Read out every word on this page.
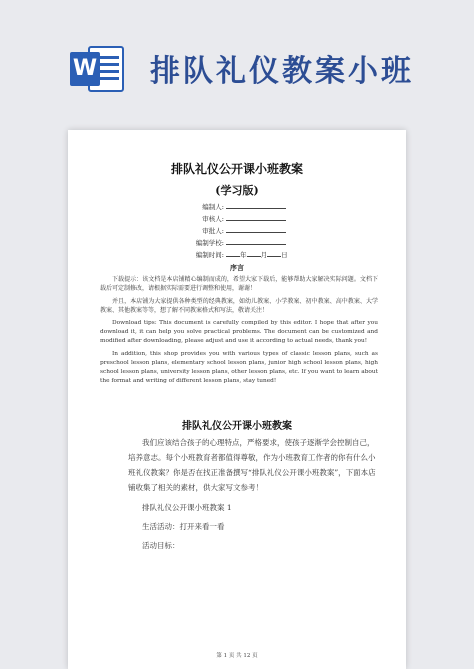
W 排队礼仪教案小班
排队礼仪公开课小班教案
(学习版)
编制人:
审核人:
审批人:
编制学校:
编制时间: 年 月 日
序言

下载提示：该文档是本店铺精心编制而成的，希望大家下载后，能够帮助大家解决实际问题。文档下载后可定制修改，请根据实际需要进行调整和使用，谢谢！

并且，本店铺为大家提供各种类型的经典教案，如幼儿教案、小学教案、初中教案、高中教案、大学教案、其他教案等等，想了解不同教案格式和写法，敬请关注！

Download tips: This document is carefully compiled by this editor. I hope that after you download it, it can help you solve practical problems. The document can be customized and modified after downloading, please adjust and use it according to actual needs, thank you!

In addition, this shop provides you with various types of classic lesson plans, such as preschool lesson plans, elementary school lesson plans, junior high school lesson plans, high school lesson plans, university lesson plans, other lesson plans, etc. If you want to learn about the format and writing of different lesson plans, stay tuned!

排队礼仪公开课小班教案

我们应该结合孩子的心理特点，严格要求，使孩子逐渐学会控制自己，培养意志。每个小班教育者都值得尊敬，作为小班教育工作者的你有什么小班礼仪教案？你是否在找正准备撰写“排队礼仪公开课小班教案”，下面本店铺收集了相关的素材，供大家写文参考！

排队礼仪公开课小班教案 1

生活活动：打开来看一看

活动目标：

第 1 页 共 12 页
